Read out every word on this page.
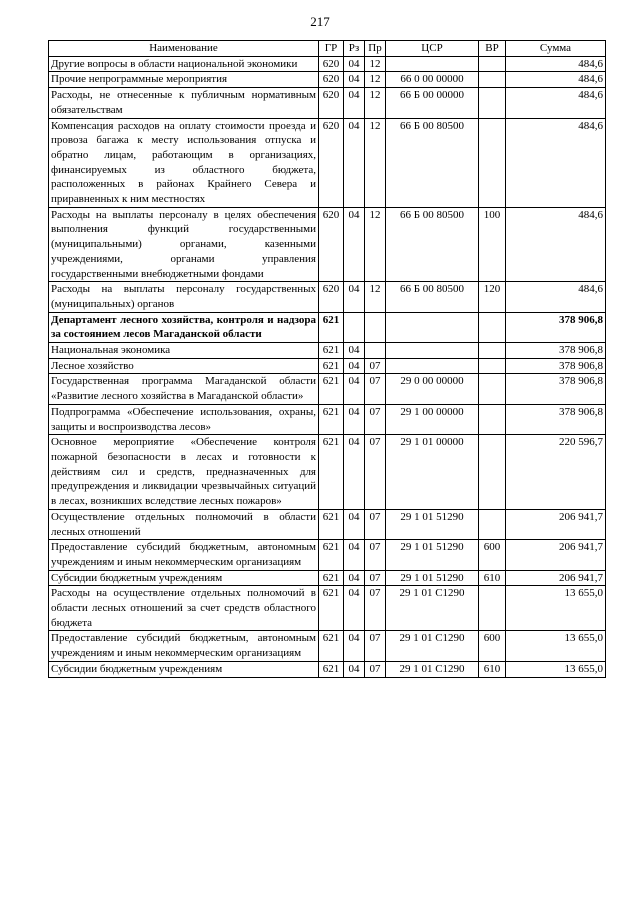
217
Наименование	ГР	Рз	Пр	ЦСР	ВР	Сумма
Другие вопросы в области национальной экономики	620	04	12			484,6
Прочие непрограммные мероприятия	620	04	12	66 0 00 00000		484,6
Расходы, не отнесенные к публичным нормативным обязательствам	620	04	12	66 Б 00 00000		484,6
Компенсация расходов на оплату стоимости проезда и провоза багажа к месту использования отпуска и обратно лицам, работающим в организациях, финансируемых из областного бюджета, расположенных в районах Крайнего Севера и приравненных к ним местностях	620	04	12	66 Б 00 80500		484,6
Расходы на выплаты персоналу в целях обеспечения выполнения функций государственными (муниципальными) органами, казенными учреждениями, органами управления государственными внебюджетными фондами	620	04	12	66 Б 00 80500	100	484,6
Расходы на выплаты персоналу государственных (муниципальных) органов	620	04	12	66 Б 00 80500	120	484,6
Департамент лесного хозяйства, контроля и надзора за состоянием лесов Магаданской области	621					378 906,8
Национальная экономика	621	04				378 906,8
Лесное хозяйство	621	04	07			378 906,8
Государственная программа Магаданской области «Развитие лесного хозяйства в Магаданской области»	621	04	07	29 0 00 00000		378 906,8
Подпрограмма «Обеспечение использования, охраны, защиты и воспроизводства лесов»	621	04	07	29 1 00 00000		378 906,8
Основное мероприятие «Обеспечение контроля пожарной безопасности в лесах и готовности к действиям сил и средств, предназначенных для предупреждения и ликвидации чрезвычайных ситуаций в лесах, возникших вследствие лесных пожаров»	621	04	07	29 1 01 00000		220 596,7
Осуществление отдельных полномочий в области лесных отношений	621	04	07	29 1 01 51290		206 941,7
Предоставление субсидий бюджетным, автономным учреждениям и иным некоммерческим организациям	621	04	07	29 1 01 51290	600	206 941,7
Субсидии бюджетным учреждениям	621	04	07	29 1 01 51290	610	206 941,7
Расходы на осуществление отдельных полномочий в области лесных отношений за счет средств областного бюджета	621	04	07	29 1 01 С1290		13 655,0
Предоставление субсидий бюджетным, автономным учреждениям и иным некоммерческим организациям	621	04	07	29 1 01 С1290	600	13 655,0
Субсидии бюджетным учреждениям	621	04	07	29 1 01 С1290	610	13 655,0
